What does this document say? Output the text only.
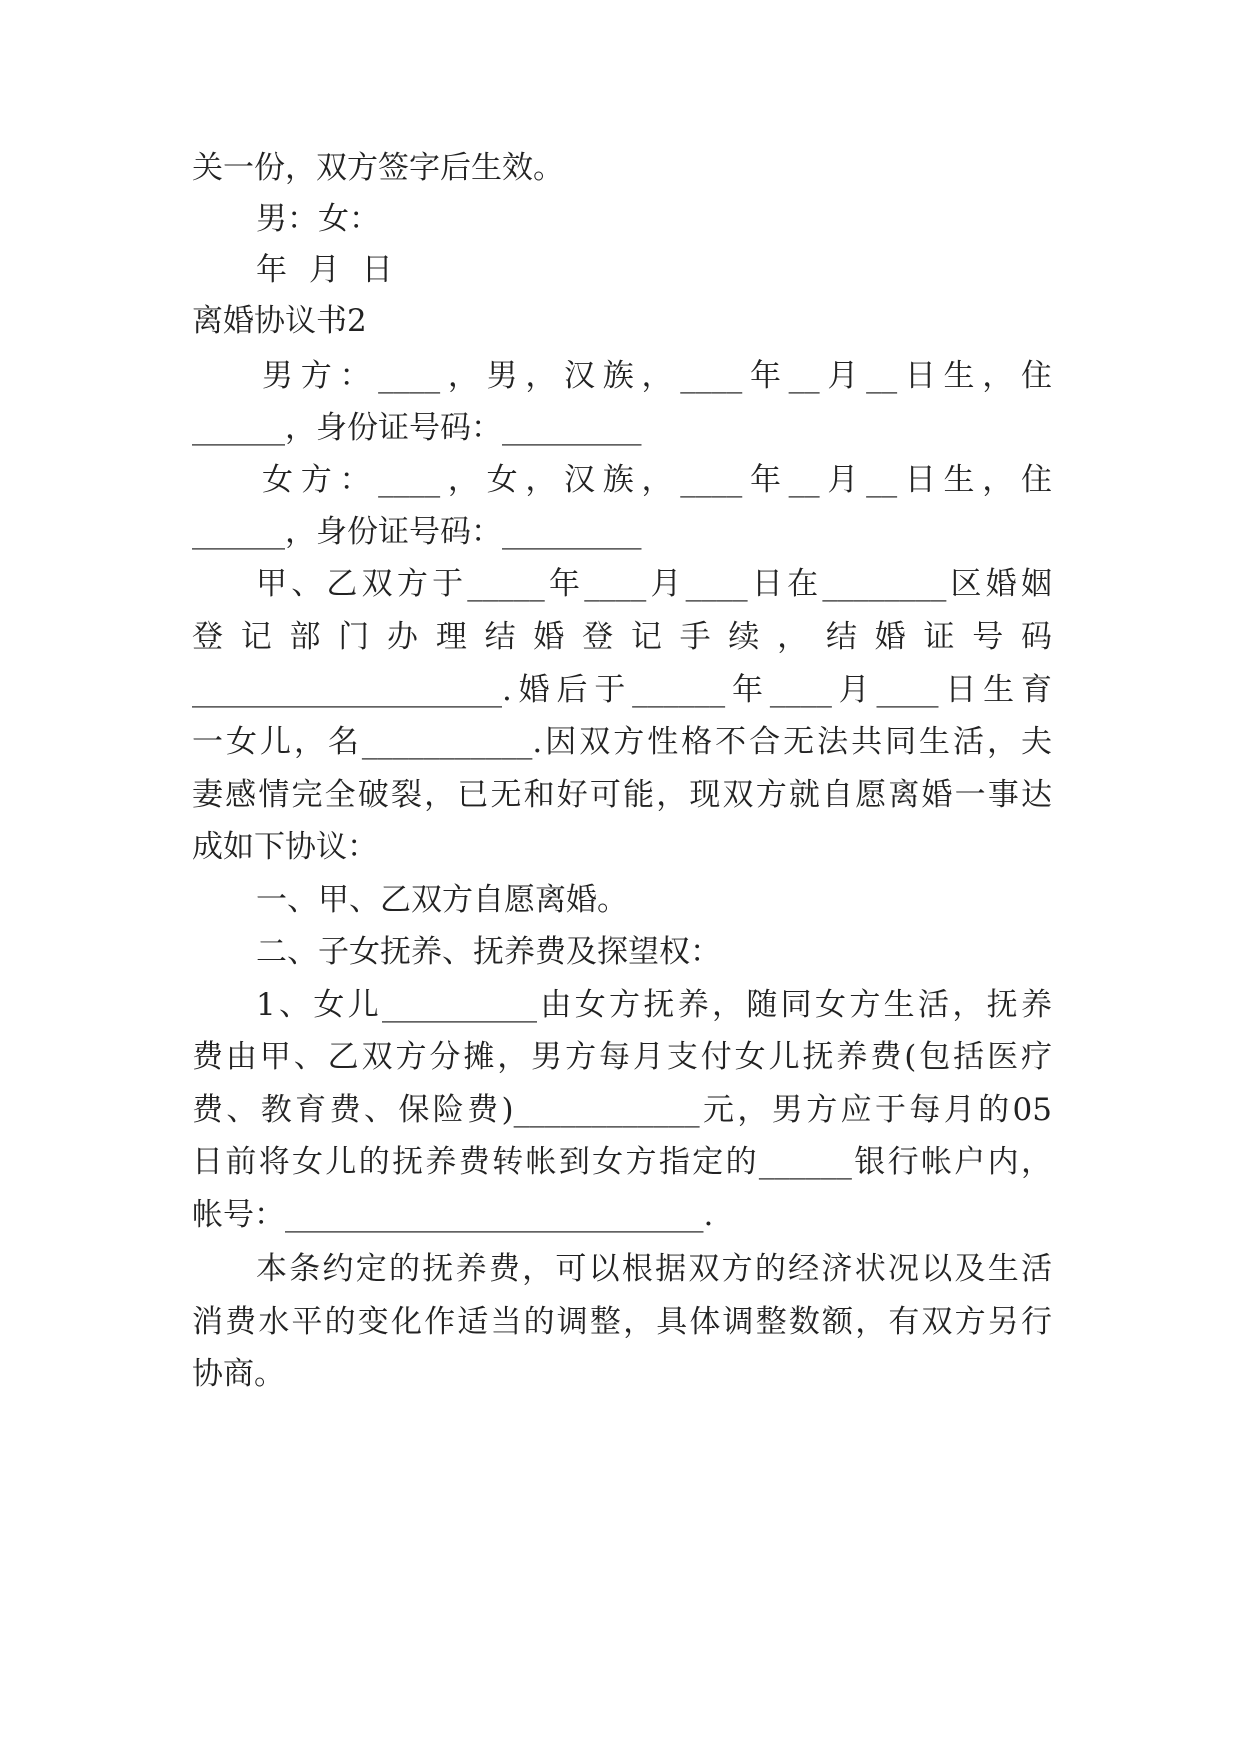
关一份，双方签字后生效。

男：女：

年 月 日

离婚协议书2

男方：____，男，汉族，____年__月__日生，住

______，身份证号码：_________

女方：____，女，汉族，____年__月__日生，住

______，身份证号码：_________

甲、乙双方于_____年____月____日在________区婚姻

登记部门办理结婚登记手续，结婚证号码

____________________.婚后于______年____月____日生育

一女儿，名___________.因双方性格不合无法共同生活，夫

妻感情完全破裂，已无和好可能，现双方就自愿离婚一事达

成如下协议：

一、甲、乙双方自愿离婚。

二、子女抚养、抚养费及探望权：

1、女儿__________由女方抚养，随同女方生活，抚养

费由甲、乙双方分摊，男方每月支付女儿抚养费(包括医疗

费、教育费、保险费)____________元，男方应于每月的05

日前将女儿的抚养费转帐到女方指定的______银行帐户内，

帐号：___________________________.

本条约定的抚养费，可以根据双方的经济状况以及生活

消费水平的变化作适当的调整，具体调整数额，有双方另行

协商。
